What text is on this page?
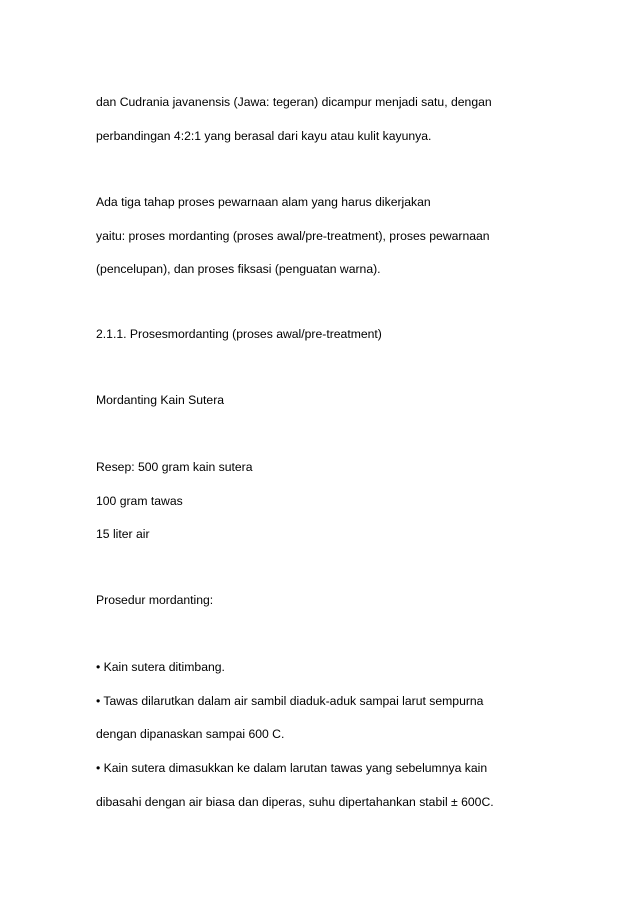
dan Cudrania javanensis (Jawa: tegeran) dicampur menjadi satu, dengan
perbandingan 4:2:1 yang berasal dari kayu atau kulit kayunya.
Ada tiga tahap proses pewarnaan alam yang harus dikerjakan
yaitu: proses mordanting (proses awal/pre-treatment), proses pewarnaan
(pencelupan), dan proses fiksasi (penguatan warna).
2.1.1. Prosesmordanting (proses awal/pre-treatment)
Mordanting Kain Sutera
Resep: 500 gram kain sutera
100 gram tawas
15 liter air
Prosedur mordanting:
• Kain sutera ditimbang.
• Tawas dilarutkan dalam air sambil diaduk-aduk sampai larut sempurna
dengan dipanaskan sampai 600 C.
• Kain sutera dimasukkan ke dalam larutan tawas yang sebelumnya kain
dibasahi dengan air biasa dan diperas, suhu dipertahankan stabil ± 600C.
